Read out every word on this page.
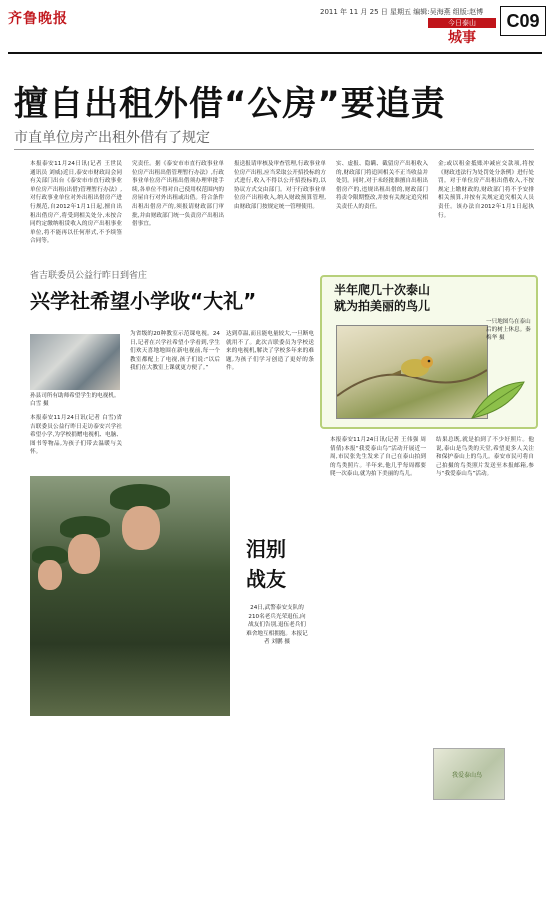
齐鲁晚报	2011 年 11 月 25 日 星期五 编辑:吴海燕 组版:赵博
今日泰山
城事
C09
擅自出租外借“公房”要追责
市直单位房产出租外借有了规定
本报泰安11月24日讯(记者 王世民 通讯员 刘威)近日,泰安市财政局会同有关部门出台《泰安市市直行政事业单位房产出租(出借)管理暂行办法》,对行政事业单位对外出租出借房产进行规范,自2012年1月1日起,擅自出租出借房产,将受到相关处分,未按合同约定缴纳租赁收入的房产出租事业单位,将不能再以任何形式,不予续签合同等。
究责任。据《泰安市市直行政事业单位房产出租出借管理暂行办法》,行政事业单位房产出租出借须办理审批手续,各单位不得对自己使用权范围内的房屋自行对外出租或出借。符合条件出租出借房产的,须报请财政部门审批,并由财政部门统一负责房产出租出借事宜。
报送报请审核及审查管理,行政事业单位房产出租,应当采取公开招投标的方式进行,收入不得以公开招投标的,以协议方式交由部门。对于行政事业单位房产出租收入,纳入财政预算管理,由财政部门按规定统一管理使用。
实、虚报、隐瞒、截留房产出租收入的,财政部门将追回相关不正当收益并处罚。同时,对于未经批准擅自出租出借房产的,违规出租出借的,财政部门将责令限期整改,并按有关规定追究相关责任人的责任。
金;或以租金抵账冲减应交款项,将按《财政违法行为处罚处分条例》进行处罚。对于单位房产出租出借收入,不按规定上缴财政的,财政部门将不予安排相关预算,并按有关规定追究相关人员责任。该办法自2012年1月1日起执行。
省吉联委员公益行昨日到省庄
兴学社希望小学收“大礼”
孙县司所有助师希望学生的电视机。白雪 摄
本报泰安11月24日讯(记者 白雪)省吉联委员公益行昨日走访泰安兴学社希望小学,为学校捐赠电视机、电脑、图书等物品,为孩子们带去温暖与关怀。
为省级的20种教室示范课电视。24日,记者在兴学社希望小学看到,学生们欢天喜地地围在新电视前,每一个教室都配上了电视,孩子们说:“以后我们在大教室上课就更方便了。”
达到草温,而且能电量较大,一旦断电就用不了。此次吉联委员为学校送来的电视机,解决了学校多年来的难题,为孩子们学习创造了更好的条件。
泪别
战友
24日,武警泰安支队的210名老兵光荣退伍,向战友们告别,退伍老兵们难舍地互相拥抱。本报记者 刘鹏 摄
半年爬几十次泰山
就为拍美丽的鸟儿
一只地图鸟在泰山后的树上休息。秦梅华 摄
本报泰安11月24日讯(记者 王伟强 周倩倩)本报“我爱泰山鸟”活动开展近一周,市民张先生发来了自己在泰山拍到的鸟类照片。半年来,他几乎每周都要爬一次泰山,就为拍下美丽的鸟儿。
结果总既,就是拍到了不少好照片。他说,泰山是鸟类的天堂,希望更多人关注和保护泰山上的鸟儿。泰安市民可将自己拍摄的鸟类照片发送至本报邮箱,参与“我爱泰山鸟”活动。
我爱泰山鸟
